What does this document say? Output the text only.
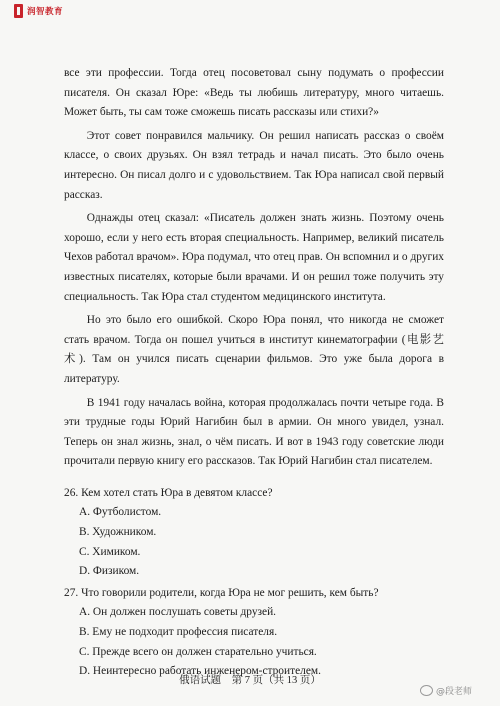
润智教育

все эти профессии. Тогда отец посоветовал сыну подумать о профессии писателя. Он сказал Юре: «Ведь ты любишь литературу, много читаешь. Может быть, ты сам тоже сможешь писать рассказы или стихи?»

Этот совет понравился мальчику. Он решил написать рассказ о своём классе, о своих друзьях. Он взял тетрадь и начал писать. Это было очень интересно. Он писал долго и с удовольствием. Так Юра написал свой первый рассказ.

Однажды отец сказал: «Писатель должен знать жизнь. Поэтому очень хорошо, если у него есть вторая специальность. Например, великий писатель Чехов работал врачом». Юра подумал, что отец прав. Он вспомнил и о других известных писателях, которые были врачами. И он решил тоже получить эту специальность. Так Юра стал студентом медицинского института.

Но это было его ошибкой. Скоро Юра понял, что никогда не сможет стать врачом. Тогда он пошел учиться в институт кинематографии (电影艺术). Там он учился писать сценарии фильмов. Это уже была дорога в литературу.

В 1941 году началась война, которая продолжалась почти четыре года. В эти трудные годы Юрий Нагибин был в армии. Он много увидел, узнал. Теперь он знал жизнь, знал, о чём писать. И вот в 1943 году советские люди прочитали первую книгу его рассказов. Так Юрий Нагибин стал писателем.

26. Кем хотел стать Юра в девятом классе?
A. Футболистом.
B. Художником.
C. Химиком.
D. Физиком.
27. Что говорили родители, когда Юра не мог решить, кем быть?
A. Он должен послушать советы друзей.
B. Ему не подходит профессия писателя.
C. Прежде всего он должен старательно учиться.
D. Неинтересно работать инженером-строителем.
俄语试题　第 7 页（共 13 页）
@段老师
